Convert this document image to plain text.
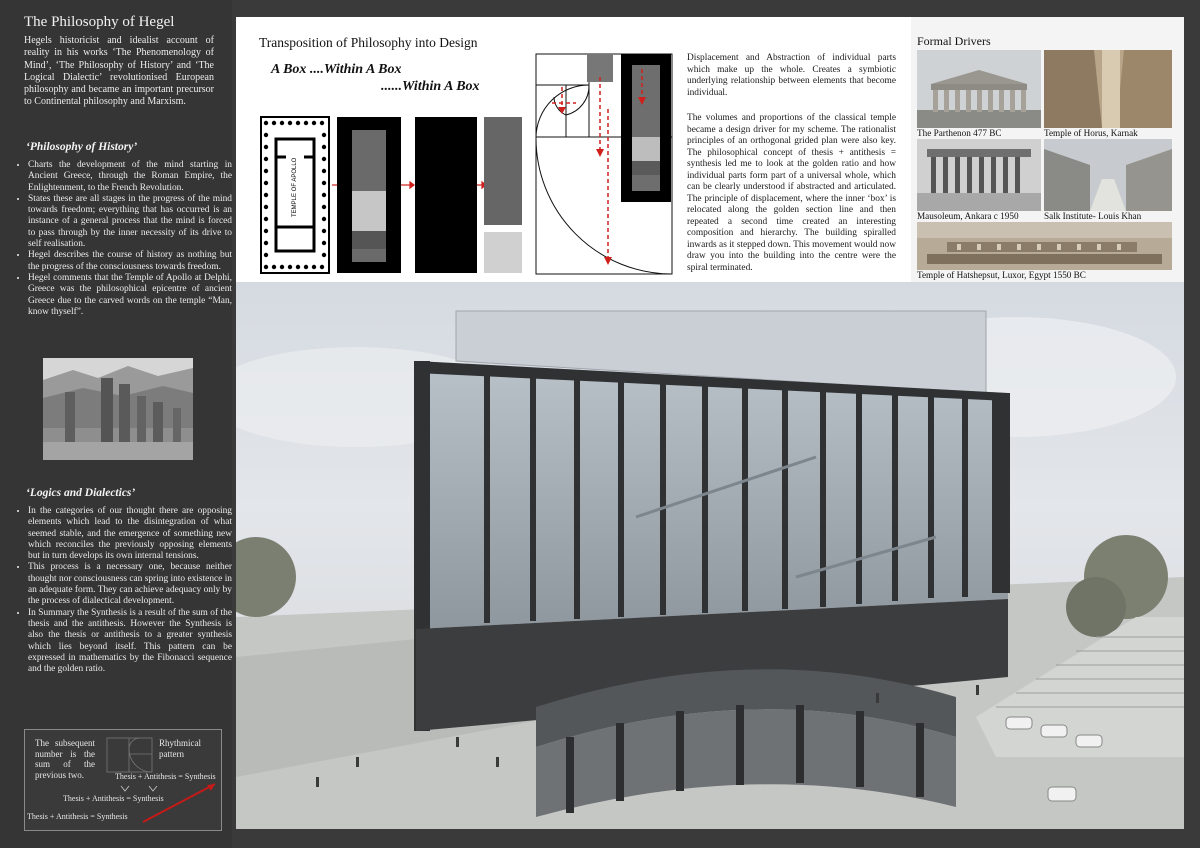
The Philosophy of Hegel
Hegels historicist and idealist account of reality in his works ‘The Phenomenology of Mind’, ‘The Philosophy of History’ and ‘The Logical Dialectic’ revolutionised European philosophy and became an important precursor to Continental philosophy and Marxism.
‘Philosophy of History’
• Charts the development of the mind starting in Ancient Greece, through the Roman Empire, the Enlightenment, to the French Revolution.
• States these are all stages in the progress of the mind towards freedom; everything that has occurred is an instance of a general process that the mind is forced to pass through by the inner necessity of its drive to self realisation.
• Hegel describes the course of history as nothing but the progress of the consciousness towards freedom.
• Hegel comments that the Temple of Apollo at Delphi, Greece was the philosophical epicentre of ancient Greece due to the carved words on the temple “Man, know thyself”.
‘Logics and Dialectics’
• In the categories of our thought there are opposing elements which lead to the disintegration of what seemed stable, and the emergence of something new which reconciles the previously opposing elements but in turn develops its own internal tensions.
• This process is a necessary one, because neither thought nor consciousness can spring into existence in an adequate form. They can achieve adequacy only by the process of dialectical development.
• In Summary the Synthesis is a result of the sum of the thesis and the antithesis. However the Synthesis is also the thesis or antithesis to a greater synthesis which lies beyond itself. This pattern can be expressed in mathematics by the Fibonacci sequence and the golden ratio.
The subsequent number is the sum of the previous two.
Rhythmical pattern
Thesis + Antithesis = Synthesis
Thesis + Antithesis = Synthesis
Thesis + Antithesis = Synthesis
Transposition of Philosophy into Design
A Box ....Within A Box
......Within A Box
TEMPLE OF APOLLO
Displacement and Abstraction of individual parts which make up the whole. Creates a symbiotic underlying relationship between elements that become individual.
The volumes and proportions of the classical temple became a design driver for my scheme. The rationalist principles of an orthogonal grided plan were also key. The philosophical concept of thesis + antithesis = synthesis led me to look at the golden ratio and how individual parts form part of a universal whole, which can be clearly understood if abstracted and articulated. The principle of displacement, where the inner ‘box’ is relocated along the golden section line and then repeated a second time created an interesting composition and hierarchy. The building spiralled inwards as it stepped down. This movement would now draw you into the building into the centre were the spiral terminated.
Formal Drivers
The Parthenon 477 BC	Temple of Horus, Karnak
Mausoleum, Ankara c 1950	Salk Institute- Louis Khan
Temple of Hatshepsut, Luxor, Egypt 1550 BC
